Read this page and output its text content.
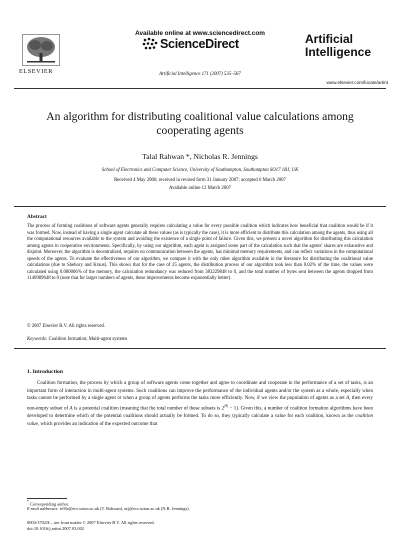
Available online at www.sciencedirect.com
ScienceDirect
ELSEVIER	Artificial Intelligence 171 (2007) 535–567
Artificial
Intelligence
www.elsevier.com/locate/artint
An algorithm for distributing coalitional value calculations among cooperating agents
Talal Rahwan *, Nicholas R. Jennings
School of Electronics and Computer Science, University of Southampton, Southampton SO17 1BJ, UK
Received 4 May 2006; received in revised form 31 January 2007; accepted 6 March 2007
Available online 12 March 2007
Abstract
The process of forming coalitions of software agents generally requires calculating a value for every possible coalition which indicates how beneficial that coalition would be if it was formed. Now, instead of having a single agent calculate all these values (as is typically the case), it is more efficient to distribute this calculation among the agents, thus using all the computational resources available to the system and avoiding the existence of a single point of failure. Given this, we present a novel algorithm for distributing this calculation among agents in cooperative environments. Specifically, by using our algorithm, each agent is assigned some part of the calculation such that the agents' shares are exhaustive and disjoint. Moreover, the algorithm is decentralized, requires no communication between the agents, has minimal memory requirements, and can reflect variations in the computational speeds of the agents. To evaluate the effectiveness of our algorithm, we compare it with the only other algorithm available in the literature for distributing the coalitional value calculations (due to Shehory and Kraus). This shows that for the case of 25 agents, the distribution process of our algorithm took less than 0.02% of the time, the values were calculated using 0.000006% of the memory, the calculation redundancy was reduced from 383229848 to 0, and the total number of bytes sent between the agents dropped from 1146989648 to 0 (note that for larger numbers of agents, these improvements become exponentially better).
© 2007 Elsevier B.V. All rights reserved.
Keywords: Coalition formation; Multi-agent systems
1. Introduction
Coalition formation, the process by which a group of software agents come together and agree to coordinate and cooperate in the performance of a set of tasks, is an important form of interaction in multi-agent systems. Such coalitions can improve the performance of the individual agents and/or the system as a whole, especially when tasks cannot be performed by a single agent or when a group of agents performs the tasks more efficiently. Now, if we view the population of agents as a set A, then every non-empty subset of A is a potential coalition (meaning that the total number of these subsets is $2^{|A|} - 1$). Given this, a number of coalition formation algorithms have been developed to determine which of the potential coalitions should actually be formed. To do so, they typically calculate a value for each coalition, known as the coalition value, which provides an indication of the expected outcome that
* Corresponding author.
E-mail addresses: tr03r@ecs.soton.ac.uk (T. Rahwan), nrj@ecs.soton.ac.uk (N.R. Jennings).
0004-3702/$ – see front matter © 2007 Elsevier B.V. All rights reserved.
doi:10.1016/j.artint.2007.03.002
